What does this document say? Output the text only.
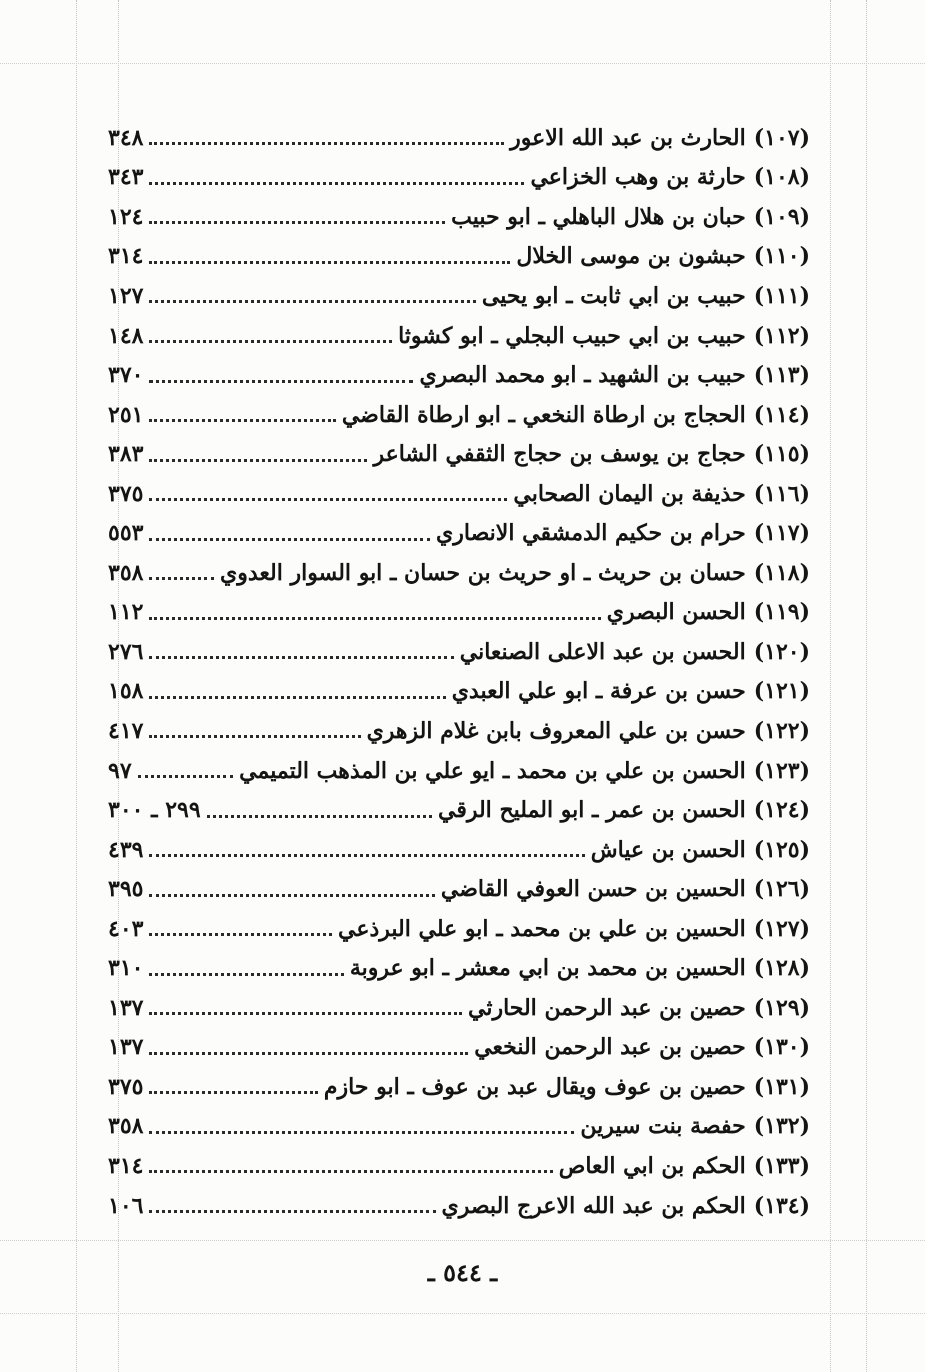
(١٠٧)
الحارث بن عبد الله الاعور
٣٤٨
(١٠٨)
حارثة بن وهب الخزاعي
٣٤٣
(١٠٩)
حبان بن هلال الباهلي ـ ابو حبيب
١٢٤
(١١٠)
حبشون بن موسى الخلال
٣١٤
(١١١)
حبيب بن ابي ثابت ـ ابو يحيى
١٢٧
(١١٢)
حبيب بن ابي حبيب البجلي ـ ابو كشوثا
١٤٨
(١١٣)
حبيب بن الشهيد ـ ابو محمد البصري
٣٧٠
(١١٤)
الحجاج بن ارطاة النخعي ـ ابو ارطاة القاضي
٢٥١
(١١٥)
حجاج بن يوسف بن حجاج الثقفي الشاعر
٣٨٣
(١١٦)
حذيفة بن اليمان الصحابي
٣٧٥
(١١٧)
حرام بن حكيم الدمشقي الانصاري
٥٥٣
(١١٨)
حسان بن حريث ـ او حريث بن حسان ـ ابو السوار العدوي
٣٥٨
(١١٩)
الحسن البصري
١١٢
(١٢٠)
الحسن بن عبد الاعلى الصنعاني
٢٧٦
(١٢١)
حسن بن عرفة ـ ابو علي العبدي
١٥٨
(١٢٢)
حسن بن علي المعروف بابن غلام الزهري
٤١٧
(١٢٣)
الحسن بن علي بن محمد ـ ايو علي بن المذهب التميمي
٩٧
(١٢٤)
الحسن بن عمر ـ ابو المليح الرقي
٢٩٩ ـ ٣٠٠
(١٢٥)
الحسن بن عياش
٤٣٩
(١٢٦)
الحسين بن حسن العوفي القاضي
٣٩٥
(١٢٧)
الحسين بن علي بن محمد ـ ابو علي البرذعي
٤٠٣
(١٢٨)
الحسين بن محمد بن ابي معشر ـ ابو عروبة
٣١٠
(١٢٩)
حصين بن عبد الرحمن الحارثي
١٣٧
(١٣٠)
حصين بن عبد الرحمن النخعي
١٣٧
(١٣١)
حصين بن عوف ويقال عبد بن عوف ـ ابو حازم
٣٧٥
(١٣٢)
حفصة بنت سيرين
٣٥٨
(١٣٣)
الحكم بن ابي العاص
٣١٤
(١٣٤)
الحكم بن عبد الله الاعرج البصري
١٠٦
ـ ٥٤٤ ـ
